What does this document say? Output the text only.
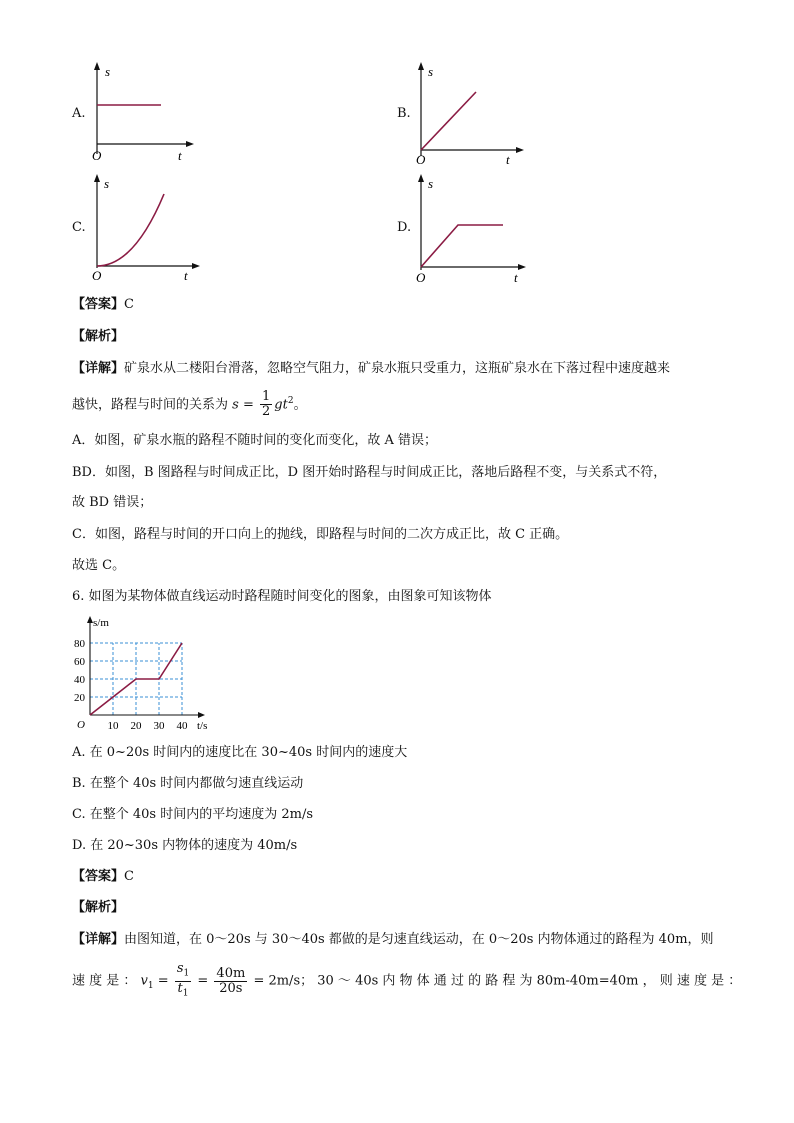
A.
s
t
O
B.
s
t
O
C.
s
t
O
D.
s
t
O
【答案】C
【解析】
【详解】矿泉水从二楼阳台滑落，忽略空气阻力，矿泉水瓶只受重力，这瓶矿泉水在下落过程中速度越来
越快，路程与时间的关系为 $s = \frac{1}{2} gt^2$。
A．如图，矿泉水瓶的路程不随时间的变化而变化，故 A 错误；
BD．如图，B 图路程与时间成正比，D 图开始时路程与时间成正比，落地后路程不变，与关系式不符，
故 BD 错误；
C．如图，路程与时间的开口向上的抛线，即路程与时间的二次方成正比，故 C 正确。
故选 C。
6. 如图为某物体做直线运动时路程随时间变化的图象，由图象可知该物体
10 20 30 40
20
40
60
80
s/m
t/s
O
A. 在 0~20s 时间内的速度比在 30~40s 时间内的速度大
B. 在整个 40s 时间内都做匀速直线运动
C. 在整个 40s 时间内的平均速度为 2m/s
D. 在 20~30s 内物体的速度为 40m/s
【答案】C
【解析】
【详解】由图知道，在 0～20s 与 30～40s 都做的是匀速直线运动，在 0～20s 内物体通过的路程为 40m，则
速 度 是 ： $v_1 = \frac{s_1}{t_1} = \frac{40m}{20s} = 2m/s$； 30 ～ 40s 内 物 体 通 过 的 路 程 为 80m-40m=40m ， 则 速 度 是 ：
